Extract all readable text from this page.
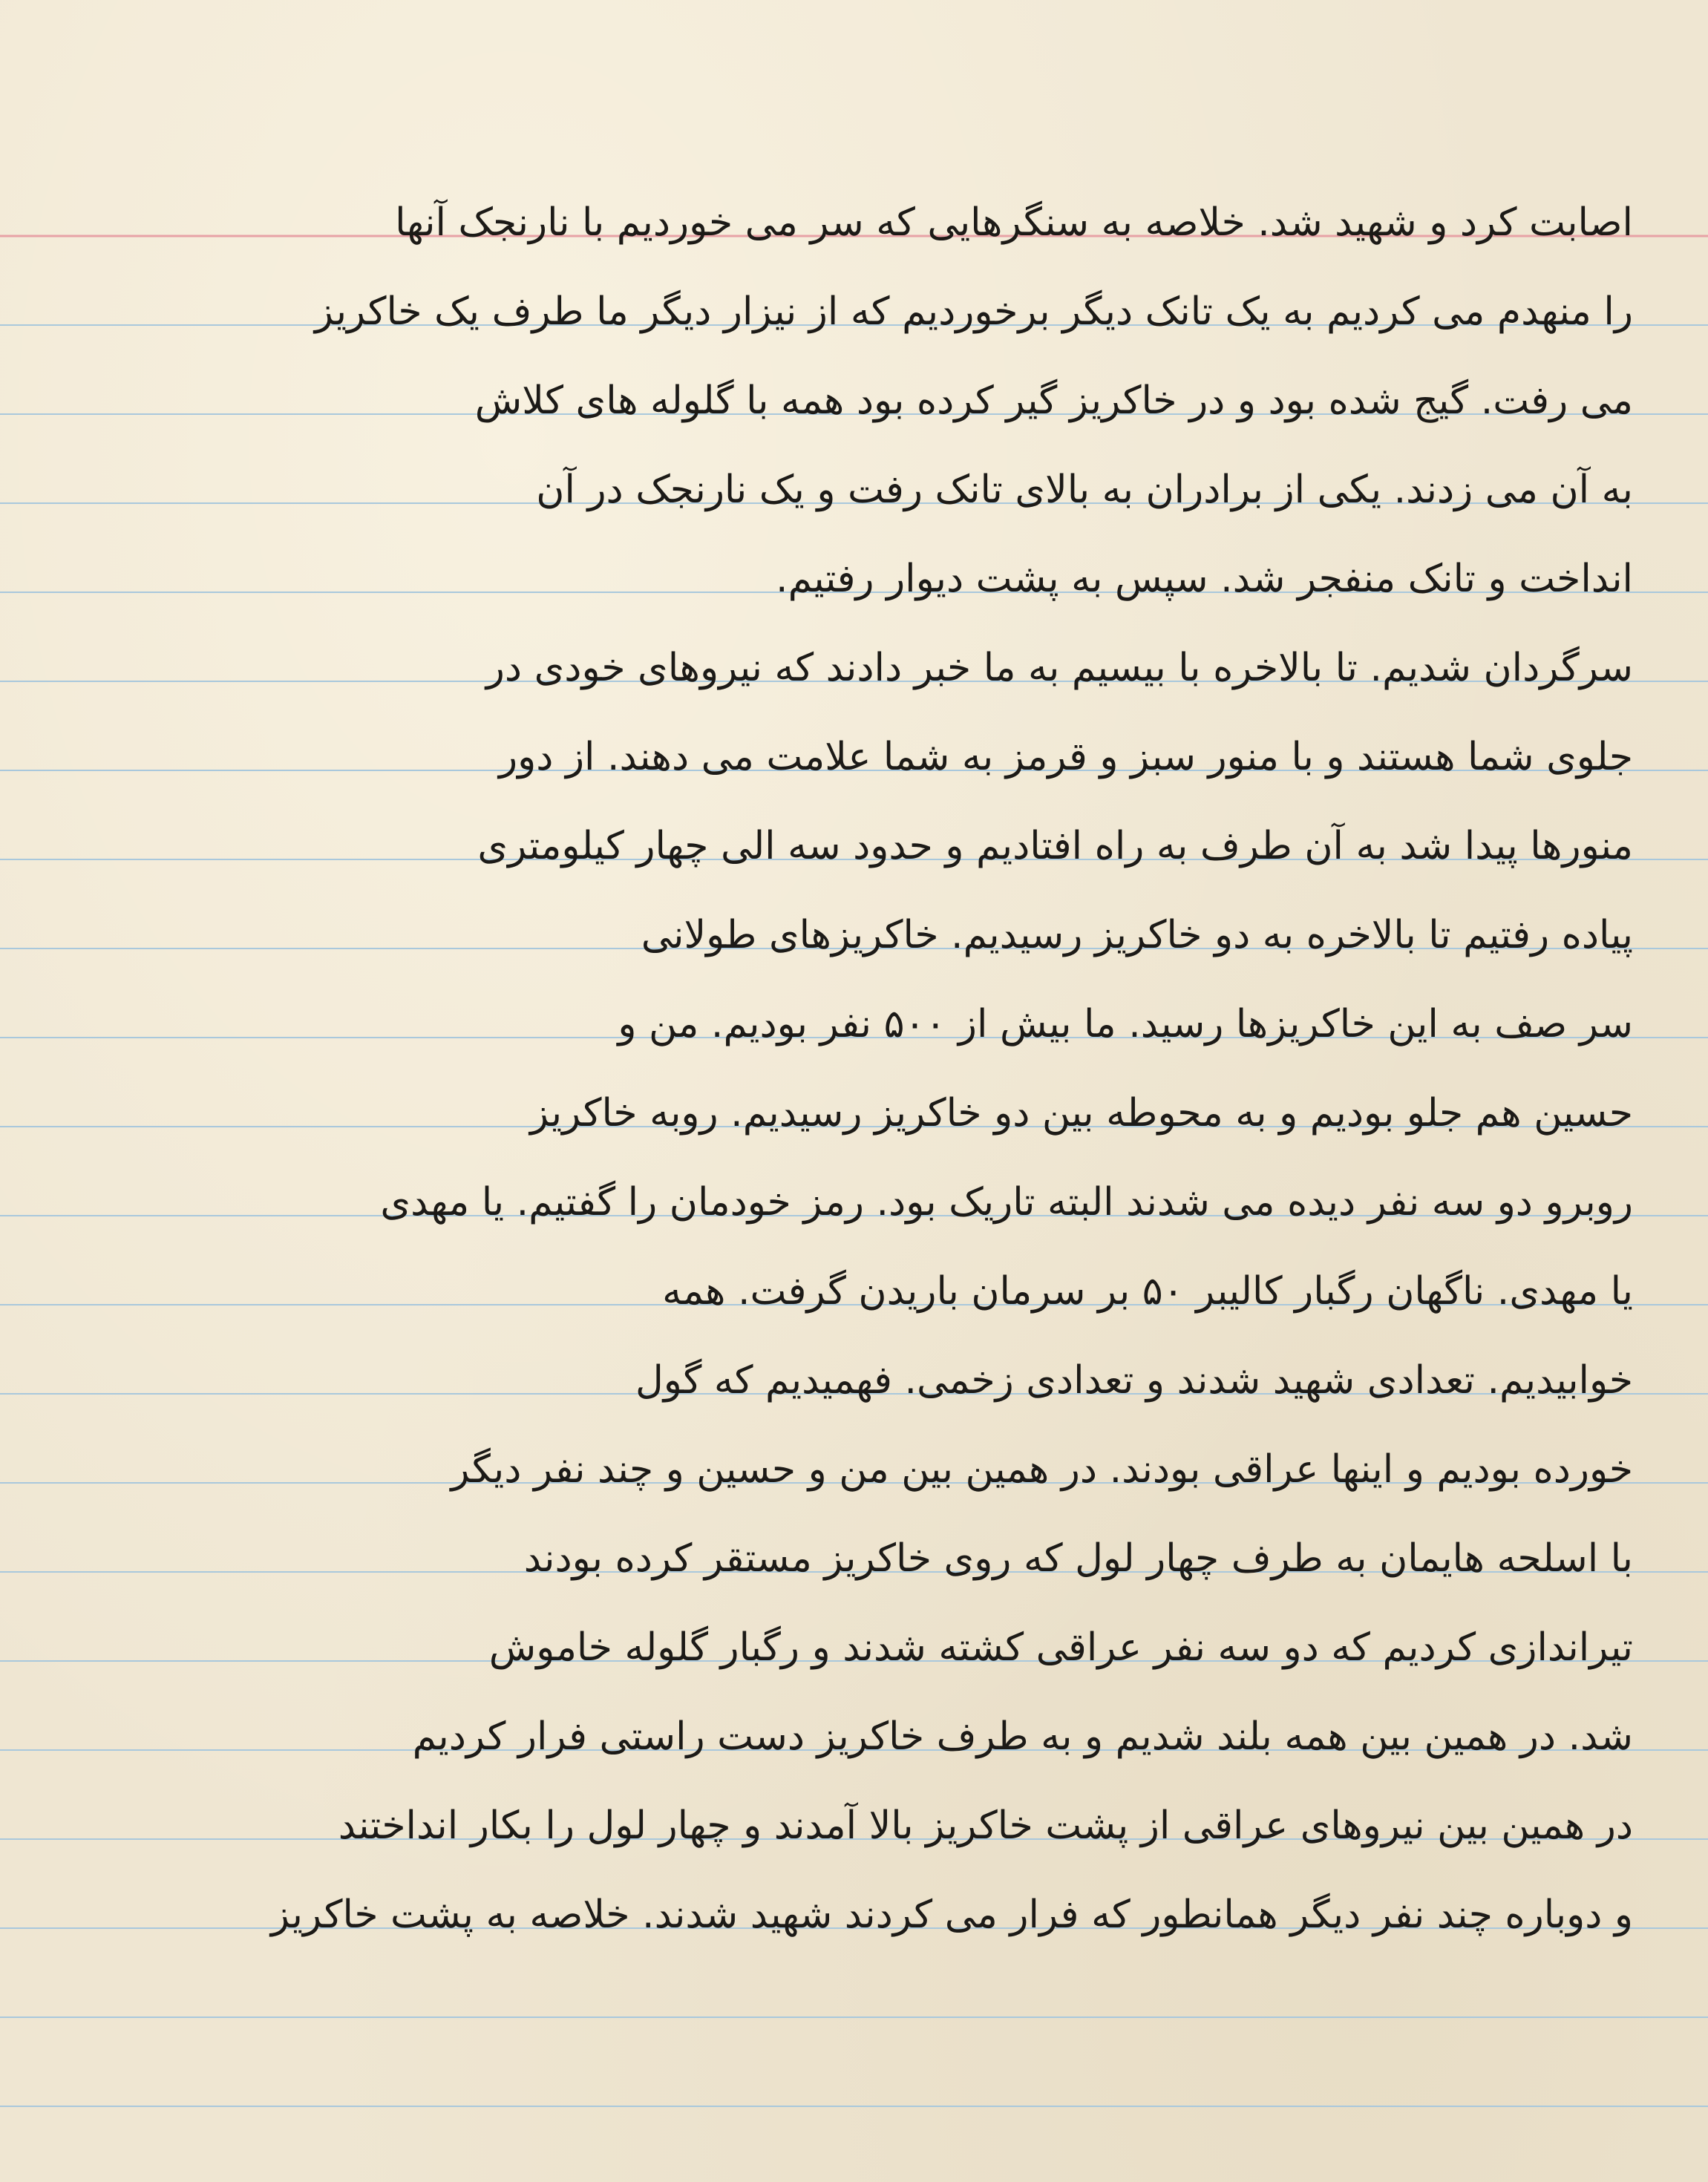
اصابت کرد و شهید شد. خلاصه به سنگرهایی که سر می خوردیم با نارنجک آنها
را منهدم می کردیم به یک تانک دیگر برخوردیم که از نیزار دیگر ما طرف یک خاکریز
می رفت. گیج شده بود و در خاکریز گیر کرده بود همه با گلوله های کلاش
به آن می زدند. یکی از برادران به بالای تانک رفت و یک نارنجک در آن
انداخت و تانک منفجر شد. سپس به پشت دیوار رفتیم.
سرگردان شدیم. تا بالاخره با بیسیم به ما خبر دادند که نیروهای خودی در
جلوی شما هستند و با منور سبز و قرمز به شما علامت می دهند. از دور
منورها پیدا شد به آن طرف به راه افتادیم و حدود سه الی چهار کیلومتری
پیاده رفتیم تا بالاخره به دو خاکریز رسیدیم. خاکریزهای طولانی
سر صف به این خاکریزها رسید. ما بیش از ۵۰۰ نفر بودیم. من و
حسین هم جلو بودیم و به محوطه بین دو خاکریز رسیدیم. روبه خاکریز
روبرو دو سه نفر دیده می شدند البته تاریک بود. رمز خودمان را گفتیم. یا مهدی
یا مهدی. ناگهان رگبار کالیبر ۵۰ بر سرمان باریدن گرفت. همه
خوابیدیم. تعدادی شهید شدند و تعدادی زخمی. فهمیدیم که گول
خورده بودیم و اینها عراقی بودند. در همین بین من و حسین و چند نفر دیگر
با اسلحه هایمان به طرف چهار لول که روی خاکریز مستقر کرده بودند
تیراندازی کردیم که دو سه نفر عراقی کشته شدند و رگبار گلوله خاموش
شد. در همین بین همه بلند شدیم و به طرف خاکریز دست راستی فرار کردیم
در همین بین نیروهای عراقی از پشت خاکریز بالا آمدند و چهار لول را بکار انداختند
و دوباره چند نفر دیگر همانطور که فرار می کردند شهید شدند. خلاصه به پشت خاکریز
